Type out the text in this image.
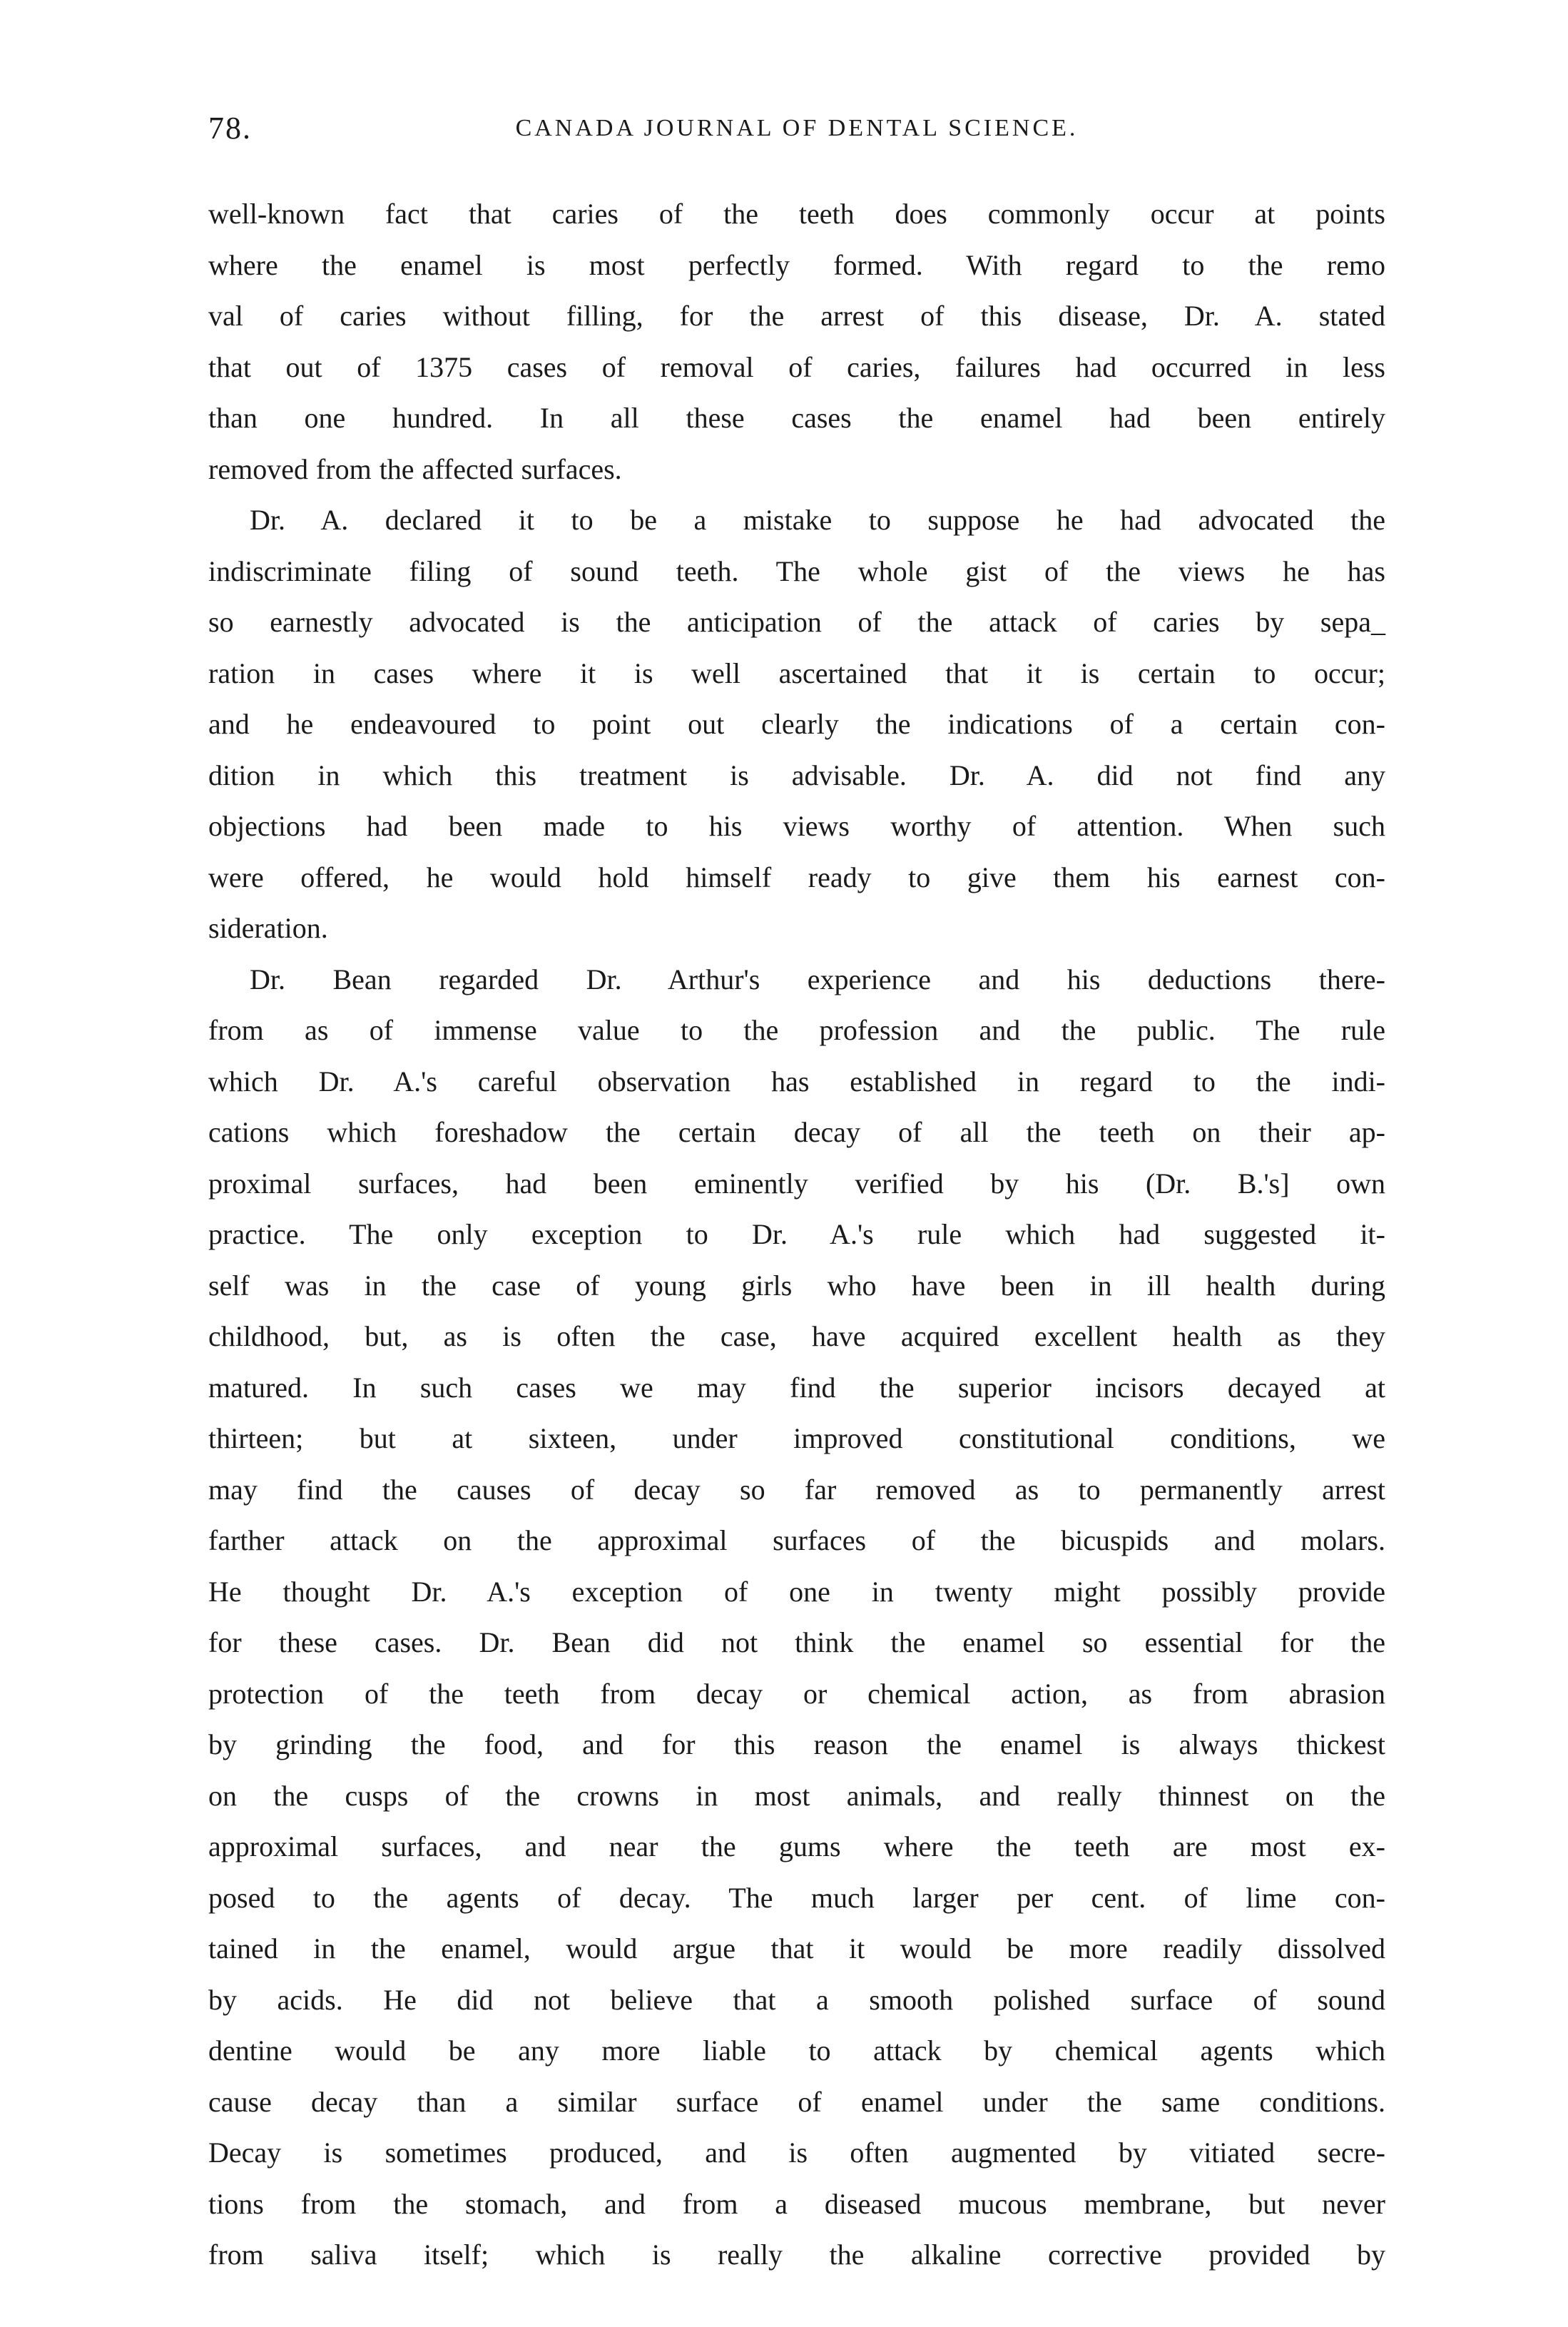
78.	CANADA JOURNAL OF DENTAL SCIENCE.
well-known fact that caries of the teeth does commonly occur at points
where the enamel is most perfectly formed. With regard to the remo
val of caries without filling, for the arrest of this disease, Dr. A. stated
that out of 1375 cases of removal of caries, failures had occurred in less
than one hundred. In all these cases the enamel had been entirely
removed from the affected surfaces.
Dr. A. declared it to be a mistake to suppose he had advocated the
indiscriminate filing of sound teeth. The whole gist of the views he has
so earnestly advocated is the anticipation of the attack of caries by sepa_
ration in cases where it is well ascertained that it is certain to occur;
and he endeavoured to point out clearly the indications of a certain con-
dition in which this treatment is advisable. Dr. A. did not find any
objections had been made to his views worthy of attention. When such
were offered, he would hold himself ready to give them his earnest con-
sideration.
Dr. Bean regarded Dr. Arthur's experience and his deductions there-
from as of immense value to the profession and the public. The rule
which Dr. A.'s careful observation has established in regard to the indi-
cations which foreshadow the certain decay of all the teeth on their ap-
proximal surfaces, had been eminently verified by his (Dr. B.'s] own
practice. The only exception to Dr. A.'s rule which had suggested it-
self was in the case of young girls who have been in ill health during
childhood, but, as is often the case, have acquired excellent health as they
matured. In such cases we may find the superior incisors decayed at
thirteen; but at sixteen, under improved constitutional conditions, we
may find the causes of decay so far removed as to permanently arrest
farther attack on the approximal surfaces of the bicuspids and molars.
He thought Dr. A.'s exception of one in twenty might possibly provide
for these cases. Dr. Bean did not think the enamel so essential for the
protection of the teeth from decay or chemical action, as from abrasion
by grinding the food, and for this reason the enamel is always thickest
on the cusps of the crowns in most animals, and really thinnest on the
approximal surfaces, and near the gums where the teeth are most ex-
posed to the agents of decay. The much larger per cent. of lime con-
tained in the enamel, would argue that it would be more readily dissolved
by acids. He did not believe that a smooth polished surface of sound
dentine would be any more liable to attack by chemical agents which
cause decay than a similar surface of enamel under the same conditions.
Decay is sometimes produced, and is often augmented by vitiated secre-
tions from the stomach, and from a diseased mucous membrane, but never
from saliva itself; which is really the alkaline corrective provided by
